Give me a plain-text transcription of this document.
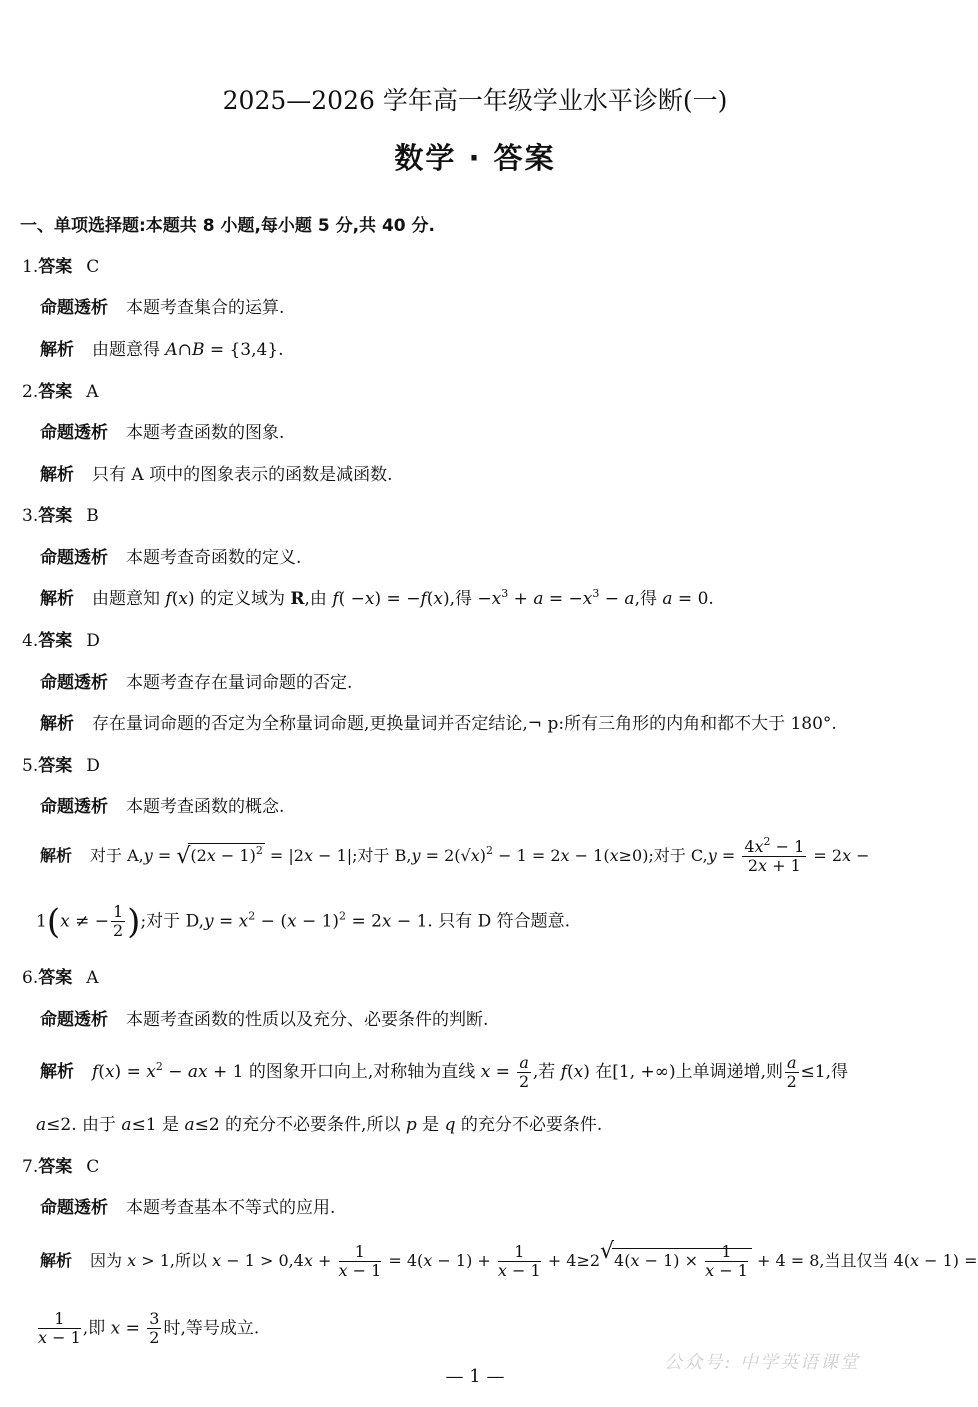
2025—2026 学年高一年级学业水平诊断(一)
数学 · 答案
一、单项选择题:本题共 8 小题,每小题 5 分,共 40 分.
1.答案 C
命题透析 本题考查集合的运算.
解析 由题意得 A∩B = {3,4}.
2.答案 A
命题透析 本题考查函数的图象.
解析 只有 A 项中的图象表示的函数是减函数.
3.答案 B
命题透析 本题考查奇函数的定义.
解析 由题意知 f(x) 的定义域为 R,由 f( −x) = −f(x),得 $-x^3 + a = -x^3 - a$,得 a = 0.
4.答案 D
命题透析 本题考查存在量词命题的否定.
解析 存在量词命题的否定为全称量词命题,更换量词并否定结论,¬ p:所有三角形的内角和都不大于 180°.
5.答案 D
命题透析 本题考查函数的概念.
解析 对于 A,y = √ $(2x - 1)^2 = |2x - 1|$;对于 $B,y = 2(√x)^2 - 1 = 2x - 1(x\ge 0)$;对于 $C,y = \frac{4x^2 - 1}{2x + 1} = 2x$ −
1(x ≠ − $\frac{1}{2}$ );对于 $D,y = x^2 - (x - 1)^2 = 2x - 1$. 只有 D 符合题意.
6.答案 A
命题透析 本题考查函数的性质以及充分、必要条件的判断.
解析 $f(x) = x^2$ − ax + 1 的图象开口向上,对称轴为直线 $x = \frac{a}{2}$ ,若 f(x) 在[1, +∞)上单调递增,则 $\frac{a}{2} \le 1$,得
a≤2. 由于 a≤1 是 a≤2 的充分不必要条件,所以 p 是 q 的充分不必要条件.
7.答案 C
命题透析 本题考查基本不等式的应用.
解析 因为 x > 1,所以 $x - 1 > 0,4x + \frac{1}{x - 1} = 4(x - 1) + \frac{1}{x - 1} + 4\ge 2√$ $4(x - 1) \times \frac{1}{x - 1} + 4 = 8$,当且仅当 4(x − 1) =
$\frac{1}{x - 1}$ ,即 $x = \frac{3}{2}$ 时,等号成立.
公众号: 中学英语课堂
— 1 —
